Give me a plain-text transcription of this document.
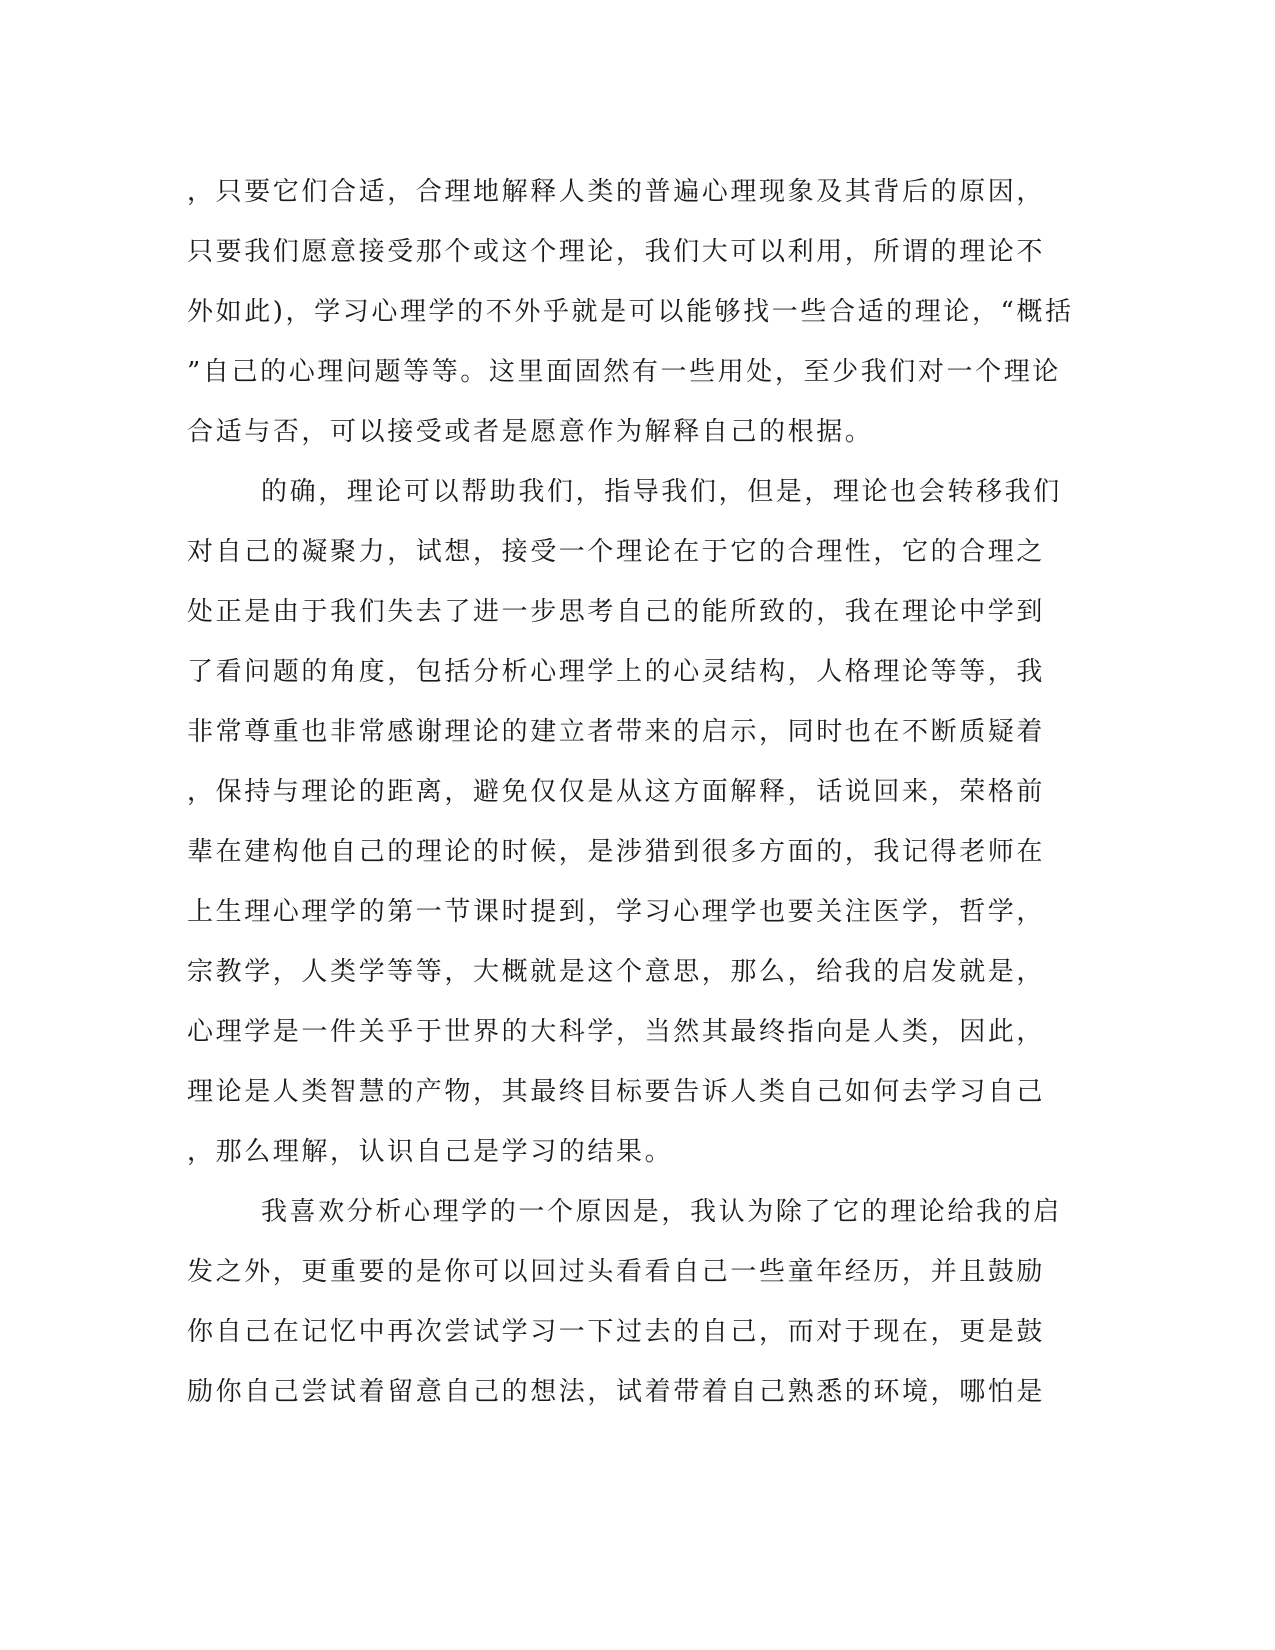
，只要它们合适，合理地解释人类的普遍心理现象及其背后的原因，
只要我们愿意接受那个或这个理论，我们大可以利用，所谓的理论不
外如此)，学习心理学的不外乎就是可以能够找一些合适的理论，“概括
”自己的心理问题等等。这里面固然有一些用处，至少我们对一个理论
合适与否，可以接受或者是愿意作为解释自己的根据。
的确，理论可以帮助我们，指导我们，但是，理论也会转移我们
对自己的凝聚力，试想，接受一个理论在于它的合理性，它的合理之
处正是由于我们失去了进一步思考自己的能所致的，我在理论中学到
了看问题的角度，包括分析心理学上的心灵结构，人格理论等等，我
非常尊重也非常感谢理论的建立者带来的启示，同时也在不断质疑着
，保持与理论的距离，避免仅仅是从这方面解释，话说回来，荣格前
辈在建构他自己的理论的时候，是涉猎到很多方面的，我记得老师在
上生理心理学的第一节课时提到，学习心理学也要关注医学，哲学，
宗教学，人类学等等，大概就是这个意思，那么，给我的启发就是，
心理学是一件关乎于世界的大科学，当然其最终指向是人类，因此，
理论是人类智慧的产物，其最终目标要告诉人类自己如何去学习自己
，那么理解，认识自己是学习的结果。
我喜欢分析心理学的一个原因是，我认为除了它的理论给我的启
发之外，更重要的是你可以回过头看看自己一些童年经历，并且鼓励
你自己在记忆中再次尝试学习一下过去的自己，而对于现在，更是鼓
励你自己尝试着留意自己的想法，试着带着自己熟悉的环境，哪怕是
